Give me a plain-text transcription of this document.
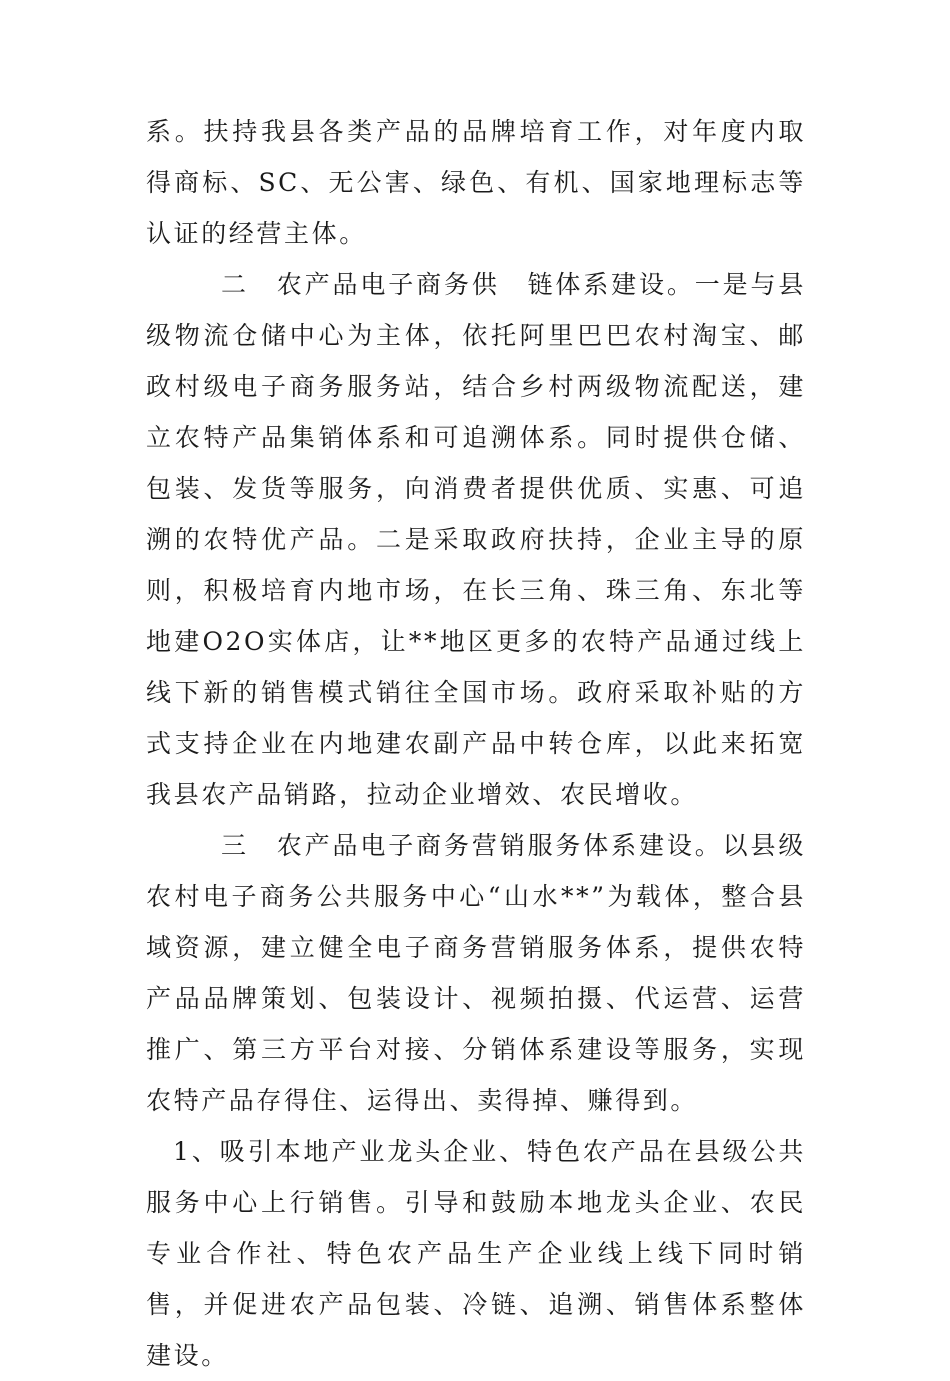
系。扶持我县各类产品的品牌培育工作，对年度内取得商标、SC、无公害、绿色、有机、国家地理标志等认证的经营主体。

二　农产品电子商务供　链体系建设。一是与县级物流仓储中心为主体，依托阿里巴巴农村淘宝、邮政村级电子商务服务站，结合乡村两级物流配送，建立农特产品集销体系和可追溯体系。同时提供仓储、包装、发货等服务，向消费者提供优质、实惠、可追溯的农特优产品。二是采取政府扶持，企业主导的原则，积极培育内地市场，在长三角、珠三角、东北等地建O2O实体店，让**地区更多的农特产品通过线上线下新的销售模式销往全国市场。政府采取补贴的方式支持企业在内地建农副产品中转仓库，以此来拓宽我县农产品销路，拉动企业增效、农民增收。

三　农产品电子商务营销服务体系建设。以县级农村电子商务公共服务中心“山水**”为载体，整合县域资源，建立健全电子商务营销服务体系，提供农特产品品牌策划、包装设计、视频拍摄、代运营、运营推广、第三方平台对接、分销体系建设等服务，实现农特产品存得住、运得出、卖得掉、赚得到。

1、吸引本地产业龙头企业、特色农产品在县级公共服务中心上行销售。引导和鼓励本地龙头企业、农民专业合作社、特色农产品生产企业线上线下同时销售，并促进农产品包装、冷链、追溯、销售体系整体建设。
